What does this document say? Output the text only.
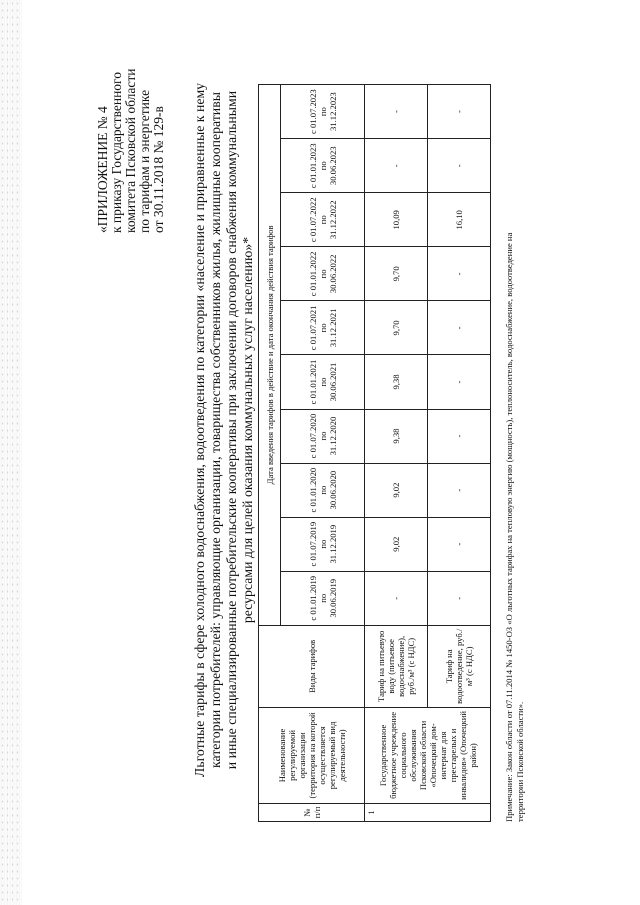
«ПРИЛОЖЕНИЕ № 4 к приказу Государственного комитета Псковской области по тарифам и энергетике от 30.11.2018 № 129-в Льготные тарифы в сфере холодного водоснабжения, водоотведения по категории «население и приравненные к нему категории потребителей: управляющие организации, товарищества собственников жилья, жилищные кооперативы и иные специализированные потребительские кооперативы при заключении договоров снабжения коммунальными ресурсами для целей оказания коммунальных услуг населению»*
№ п/п	Наименование регулируемой организации (территория на которой осуществляется регулируемый вид деятельности)	Виды тарифов	Дата введения тарифов в действие и дата окончания действия тарифов									
			с 01.01.2019 по 30.06.2019	с 01.07.2019 по 31.12.2019	с 01.01.2020 по 30.06.2020	с 01.07.2020 по 31.12.2020	с 01.01.2021 по 30.06.2021	с 01.07.2021 по 31.12.2021	с 01.01.2022 по 30.06.2022	с 01.07.2022 по 31.12.2022	с 01.01.2023 по 30.06.2023	с 01.07.2023 по 31.12.2023
1	Государственное бюджетное учреждение социального обслуживания Псковской области «Опочецкий дом-интернат для престарелых и инвалидов» (Опочецкий район)	Тариф на питьевую воду (питьевое водоснабжение), руб./м³ (с НДС)	-	9,02	9,02	9,38	9,38	9,70	9,70	10,09	-	-
		Тариф на водоотведение, руб./м³ (с НДС)	-	-	-	-	-	-	-	16,10	-	-
Примечание: Закон области от 07.11.2014 № 1450-ОЗ «О льготных тарифах на тепловую энергию (мощность), теплоноситель, водоснабжение, водоотведение на территории Псковской области».
